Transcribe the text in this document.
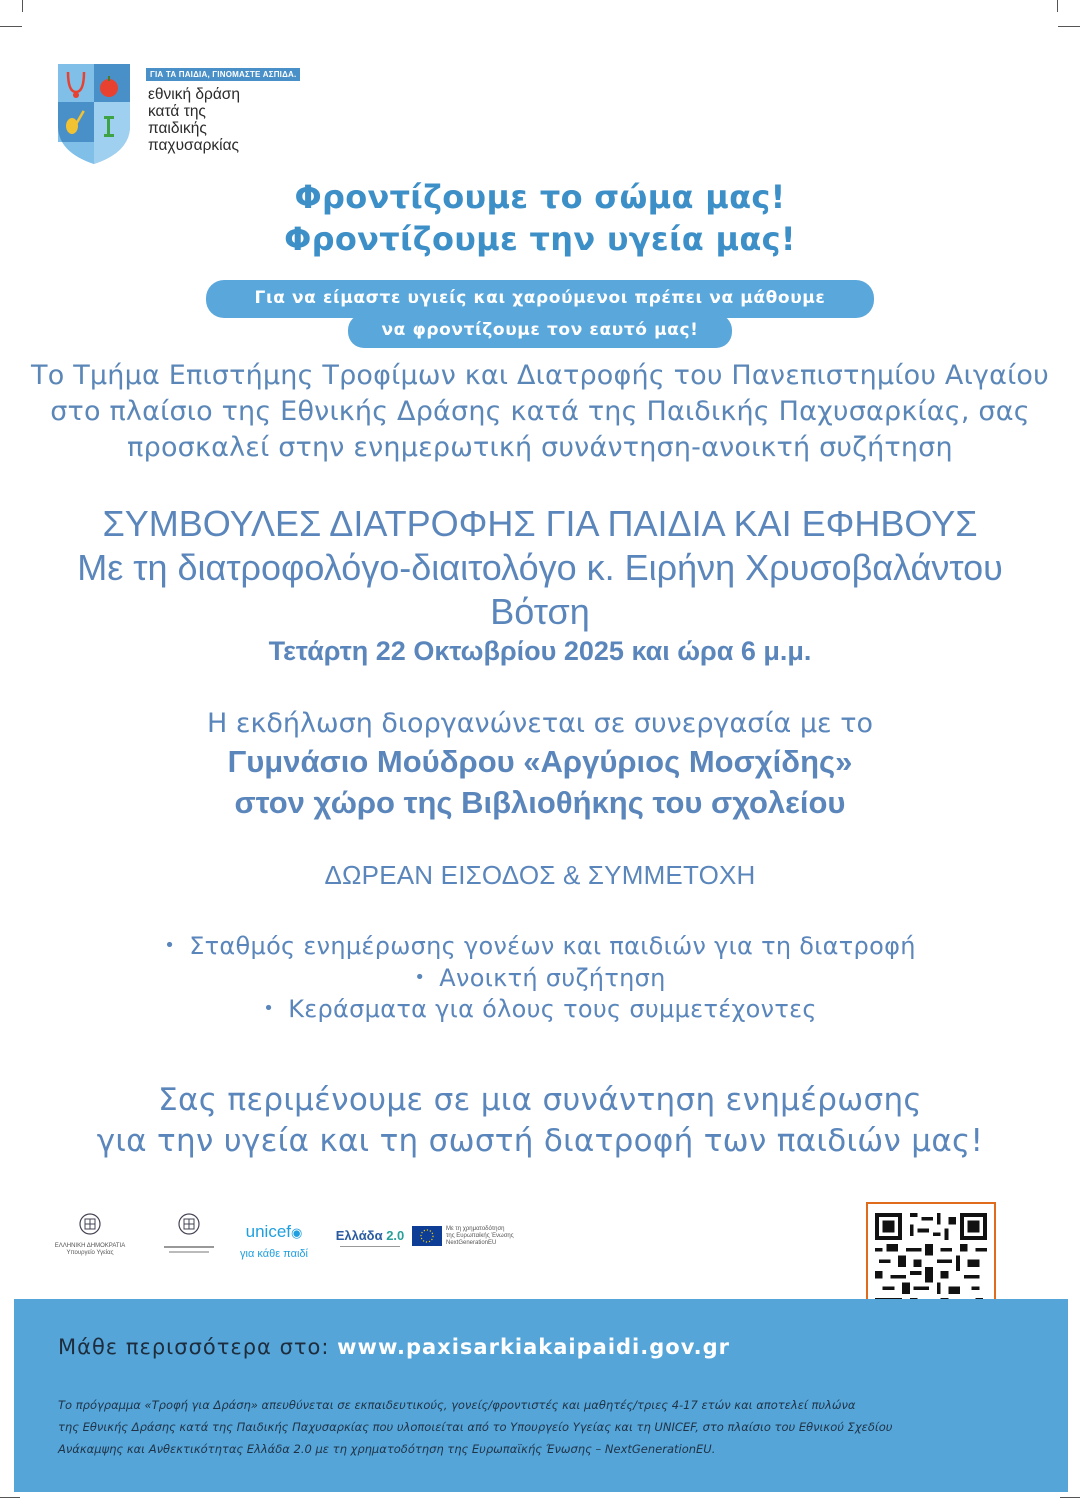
ΓΙΑ ΤΑ ΠΑΙΔΙΑ, ΓΙΝΟΜΑΣΤΕ ΑΣΠΙΔΑ.
εθνική δράση
κατά της
παιδικής
παχυσαρκίας
Φροντίζουμε το σώμα μας!
Φροντίζουμε την υγεία μας!
Για να είμαστε υγιείς και χαρούμενοι πρέπει να μάθουμε
να φροντίζουμε τον εαυτό μας!
Το Τμήμα Επιστήμης Τροφίμων και Διατροφής του Πανεπιστημίου Αιγαίου
στο πλαίσιο της Εθνικής Δράσης κατά της Παιδικής Παχυσαρκίας, σας
προσκαλεί στην ενημερωτική συνάντηση-ανοικτή συζήτηση
ΣΥΜΒΟΥΛΕΣ ΔΙΑΤΡΟΦΗΣ ΓΙΑ ΠΑΙΔΙΑ ΚΑΙ ΕΦΗΒΟΥΣ
Με τη διατροφολόγο-διαιτολόγο κ. Ειρήνη Χρυσοβαλάντου
Βότση
Τετάρτη 22 Οκτωβρίου 2025 και ώρα 6 μ.μ.
Η εκδήλωση διοργανώνεται σε συνεργασία με το
Γυμνάσιο Μούδρου «Αργύριος Μοσχίδης»
στον χώρο της Βιβλιοθήκης του σχολείου
ΔΩΡΕΑΝ ΕΙΣΟΔΟΣ & ΣΥΜΜΕΤΟΧΗ
• Σταθμός ενημέρωσης γονέων και παιδιών για τη διατροφή
• Ανοικτή συζήτηση
• Κεράσματα για όλους τους συμμετέχοντες
Σας περιμένουμε σε μια συνάντηση ενημέρωσης
για την υγεία και τη σωστή διατροφή των παιδιών μας!
ΕΛΛΗΝΙΚΗ ΔΗΜΟΚΡΑΤΙΑ
Υπουργείο Υγείας
unicef◉
για κάθε παιδί
Ελλάδα 2.0	Με τη χρηματοδότηση
της Ευρωπαϊκής Ένωσης
NextGenerationEU
Μάθε περισσότερα στο: www.paxisarkiakaipaidi.gov.gr
Το πρόγραμμα «Τροφή για Δράση» απευθύνεται σε εκπαιδευτικούς, γονείς/φροντιστές και μαθητές/τριες 4-17 ετών και αποτελεί πυλώνα
της Εθνικής Δράσης κατά της Παιδικής Παχυσαρκίας που υλοποιείται από το Υπουργείο Υγείας και τη UNICEF, στο πλαίσιο του Εθνικού Σχεδίου
Ανάκαμψης και Ανθεκτικότητας Ελλάδα 2.0 με τη χρηματοδότηση της Ευρωπαϊκής Ένωσης – NextGenerationEU.
